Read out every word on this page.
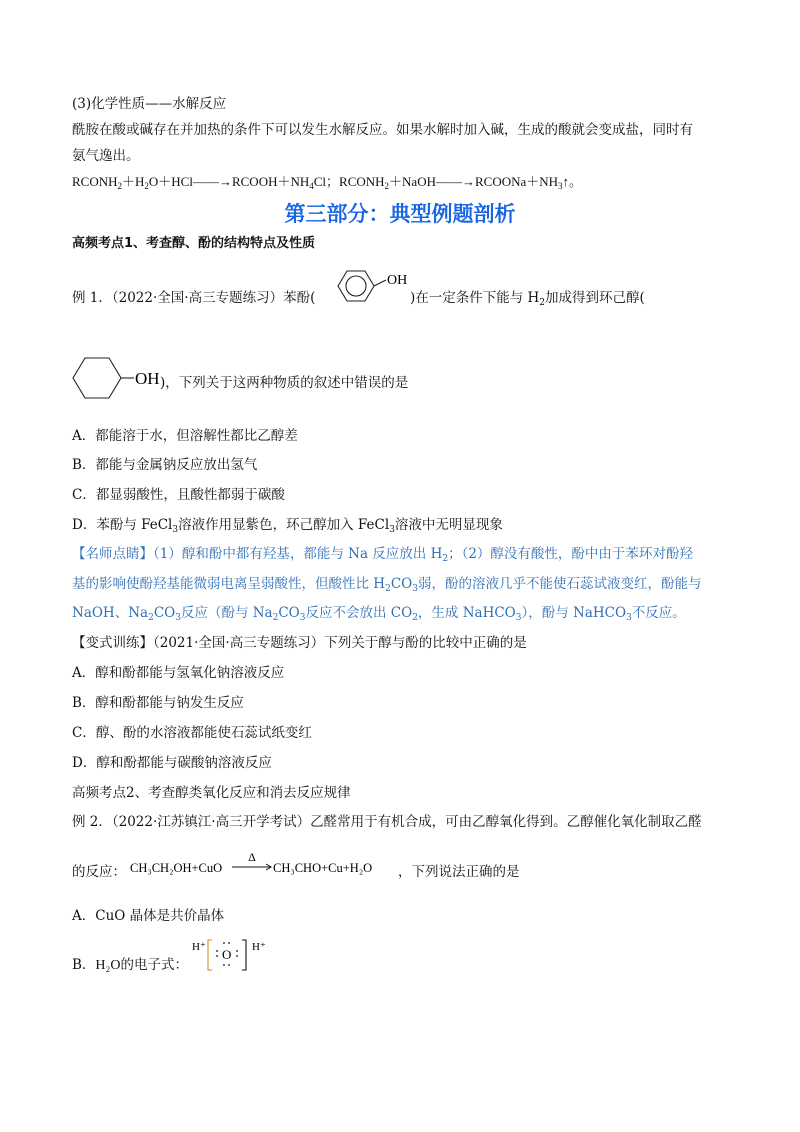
(3)化学性质——水解反应
酰胺在酸或碱存在并加热的条件下可以发生水解反应。如果水解时加入碱，生成的酸就会变成盐，同时有
氨气逸出。
$RCONH_2+H_2O+HCl——\to RCOOH+NH_4Cl$；$RCONH_2+NaOH——\to RCOONa+NH_3↑$。
第三部分：典型例题剖析
高频考点1、考查醇、酚的结构特点及性质
例 1．（2022·全国·高三专题练习）苯酚(	)在一定条件下能与 $H_2$加成得到环己醇(
OH
OH )，下列关于这两种物质的叙述中错误的是
A．都能溶于水，但溶解性都比乙醇差
B．都能与金属钠反应放出氢气
C．都显弱酸性，且酸性都弱于碳酸
D．苯酚与 FeCl$_3$溶液作用显紫色，环己醇加入 FeCl$_3$溶液中无明显现象
【名师点睛】（1）醇和酚中都有羟基，都能与 Na 反应放出 $H_2$；（2）醇没有酸性，酚中由于苯环对酚羟
基的影响使酚羟基能微弱电离呈弱酸性，但酸性比 $H_2CO_3$弱，酚的溶液几乎不能使石蕊试液变红，酚能与
NaOH、$Na_2CO_3$反应（酚与 $Na_2CO_3$反应不会放出 $CO_2$，生成 NaHCO$_3$），酚与 NaHCO$_3$不反应。
【变式训练】（2021·全国·高三专题练习）下列关于醇与酚的比较中正确的是
A．醇和酚都能与氢氧化钠溶液反应
B．醇和酚都能与钠发生反应
C．醇、酚的水溶液都能使石蕊试纸变红
D．醇和酚都能与碳酸钠溶液反应
高频考点2、考查醇类氧化反应和消去反应规律
例 2．（2022·江苏镇江·高三开学考试）乙醛常用于有机合成，可由乙醇氧化得到。乙醇催化氧化制取乙醛
的反应： CH₃CH₂OH+CuO
Δ
CH₃CHO+Cu+H₂O ，下列说法正确的是
A．CuO 晶体是共价晶体
B．H₂O的电子式：
H⁺ O H⁺
